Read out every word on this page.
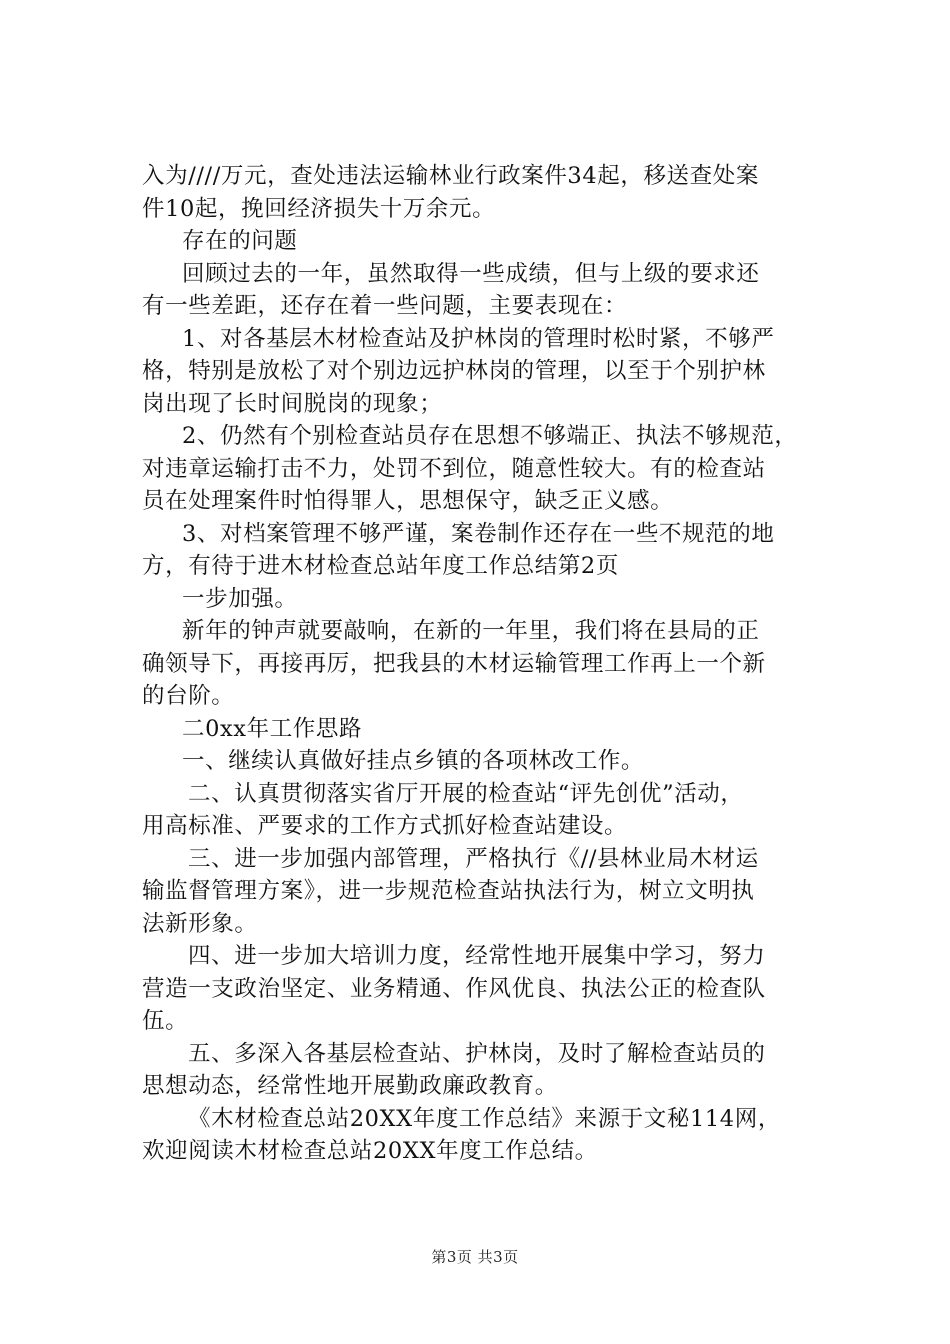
入为////万元，查处违法运输林业行政案件34起，移送查处案
件10起，挽回经济损失十万余元。
存在的问题
回顾过去的一年，虽然取得一些成绩，但与上级的要求还
有一些差距，还存在着一些问题，主要表现在：
1、对各基层木材检查站及护林岗的管理时松时紧，不够严
格，特别是放松了对个别边远护林岗的管理，以至于个别护林
岗出现了长时间脱岗的现象；
2、仍然有个别检查站员存在思想不够端正、执法不够规范，
对违章运输打击不力，处罚不到位，随意性较大。有的检查站
员在处理案件时怕得罪人，思想保守，缺乏正义感。
3、对档案管理不够严谨，案卷制作还存在一些不规范的地
方，有待于进木材检查总站年度工作总结第2页
一步加强。
新年的钟声就要敲响，在新的一年里，我们将在县局的正
确领导下，再接再厉，把我县的木材运输管理工作再上一个新
的台阶。
二0xx年工作思路
一、继续认真做好挂点乡镇的各项林改工作。
二、认真贯彻落实省厅开展的检查站“评先创优”活动，
用高标准、严要求的工作方式抓好检查站建设。
三、进一步加强内部管理，严格执行《//县林业局木材运
输监督管理方案》，进一步规范检查站执法行为，树立文明执
法新形象。
四、进一步加大培训力度，经常性地开展集中学习，努力
营造一支政治坚定、业务精通、作风优良、执法公正的检查队
伍。
五、多深入各基层检查站、护林岗，及时了解检查站员的
思想动态，经常性地开展勤政廉政教育。
《木材检查总站20XX年度工作总结》来源于文秘114网，
欢迎阅读木材检查总站20XX年度工作总结。
第3页 共3页
